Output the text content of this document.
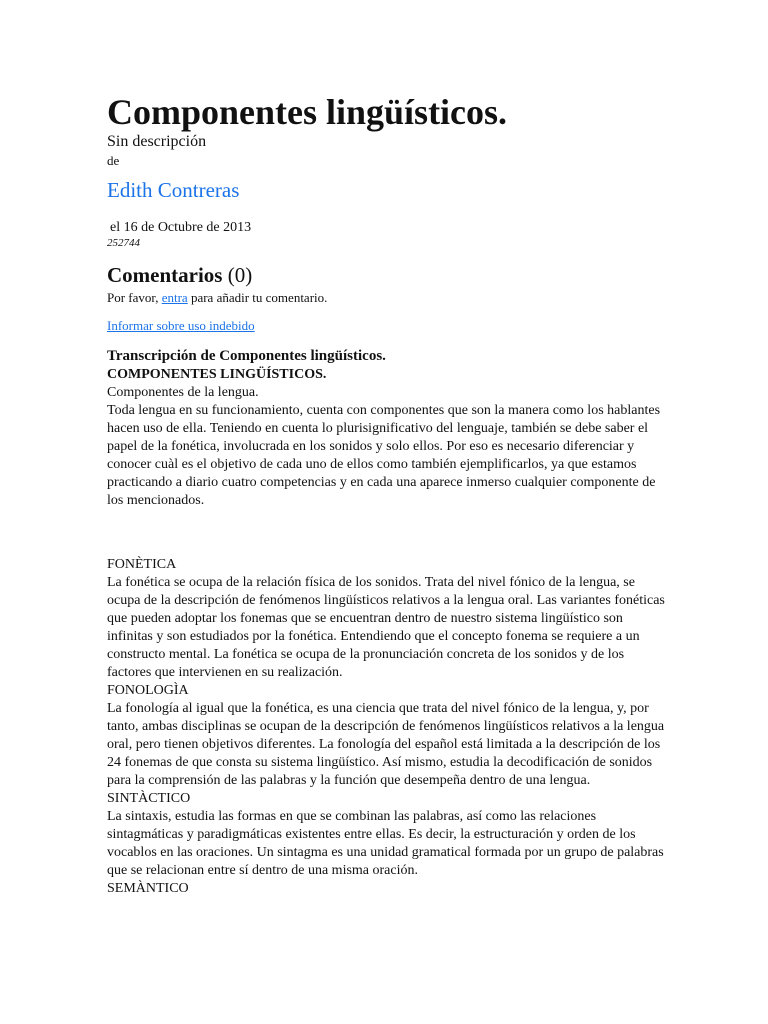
Componentes lingüísticos.
Sin descripción
de
Edith Contreras
el 16 de Octubre de 2013
252744
Comentarios (0)
Por favor, entra para añadir tu comentario.
Informar sobre uso indebido
Transcripción de Componentes lingüísticos.
COMPONENTES LINGÜÍSTICOS.

Componentes de la lengua.

Toda lengua en su funcionamiento, cuenta con componentes que son la manera como los hablantes hacen uso de ella. Teniendo en cuenta lo plurisignificativo del lenguaje, también se debe saber el papel de la fonética, involucrada en los sonidos y solo ellos. Por eso es necesario diferenciar y conocer cuàl es el objetivo de cada uno de ellos como también ejemplificarlos, ya que estamos practicando a diario cuatro competencias y en cada una aparece inmerso cualquier componente de los mencionados.

FONÈTICA

La fonética se ocupa de la relación física de los sonidos. Trata del nivel fónico de la lengua, se ocupa de la descripción de fenómenos lingüísticos relativos a la lengua oral. Las variantes fonéticas que pueden adoptar los fonemas que se encuentran dentro de nuestro sistema lingüístico son infinitas y son estudiados por la fonética. Entendiendo que el concepto fonema se requiere a un constructo mental. La fonética se ocupa de la pronunciación concreta de los sonidos y de los factores que intervienen en su realización.

FONOLOGÌA

La fonología al igual que la fonética, es una ciencia que trata del nivel fónico de la lengua, y, por tanto, ambas disciplinas se ocupan de la descripción de fenómenos lingüísticos relativos a la lengua oral, pero tienen objetivos diferentes. La fonología del español está limitada a la descripción de los 24 fonemas de que consta su sistema lingüístico. Así mismo, estudia la decodificación de sonidos para la comprensión de las palabras y la función que desempeña dentro de una lengua.

SINTÀCTICO

La sintaxis, estudia las formas en que se combinan las palabras, así como las relaciones sintagmáticas y paradigmáticas existentes entre ellas. Es decir, la estructuración y orden de los vocablos en las oraciones. Un sintagma es una unidad gramatical formada por un grupo de palabras que se relacionan entre sí dentro de una misma oración.

SEMÀNTICO
